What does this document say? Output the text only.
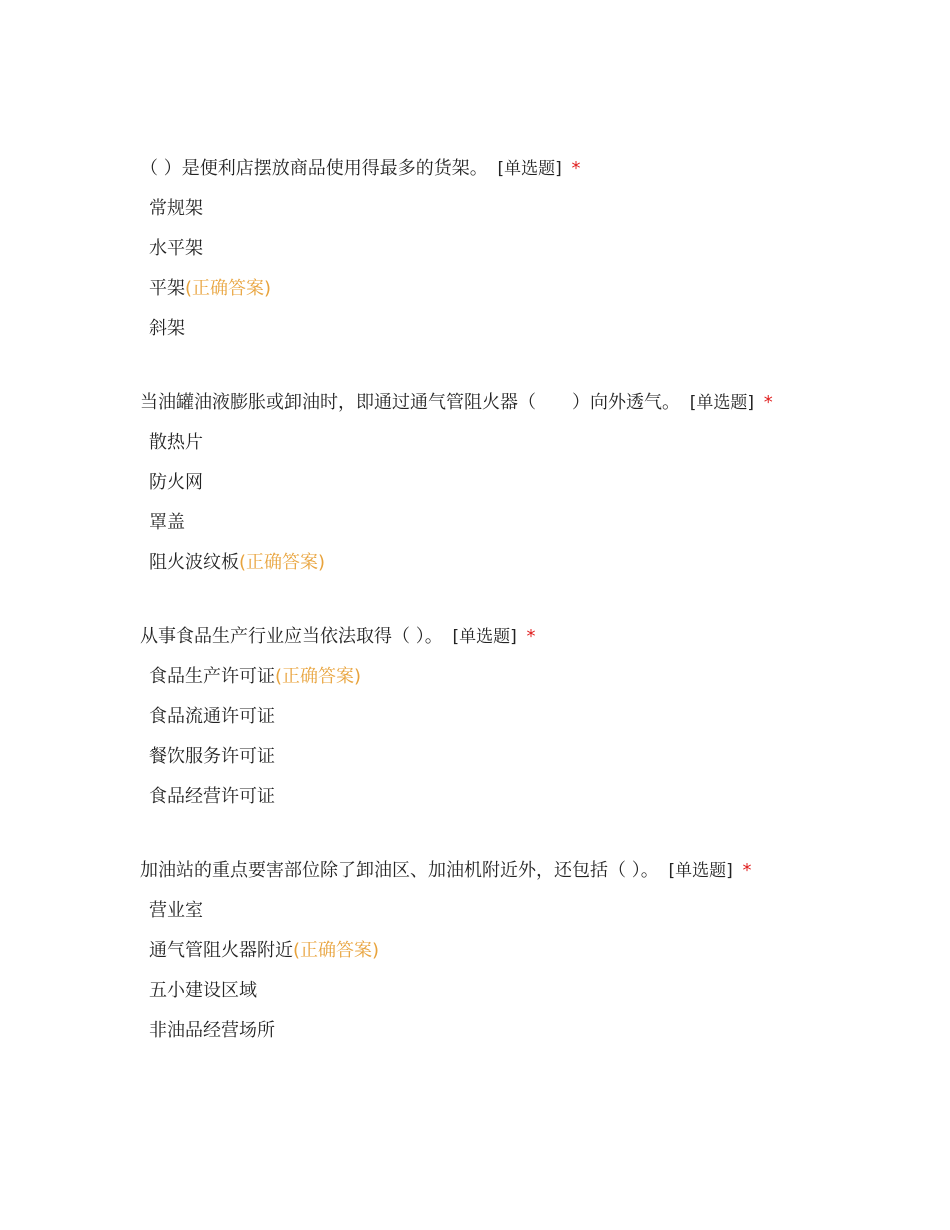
（ ）是便利店摆放商品使用得最多的货架。 [单选题] *
常规架
水平架
平架 (正确答案)
斜架
当油罐油液膨胀或卸油时，即通过通气管阻火器（　　）向外透气。 [单选题] *
散热片
防火网
罩盖
阻火波纹板 (正确答案)
从事食品生产行业应当依法取得（ ）。 [单选题] *
食品生产许可证 (正确答案)
食品流通许可证
餐饮服务许可证
食品经营许可证
加油站的重点要害部位除了卸油区、加油机附近外，还包括（ ）。 [单选题] *
营业室
通气管阻火器附近 (正确答案)
五小建设区域
非油品经营场所
